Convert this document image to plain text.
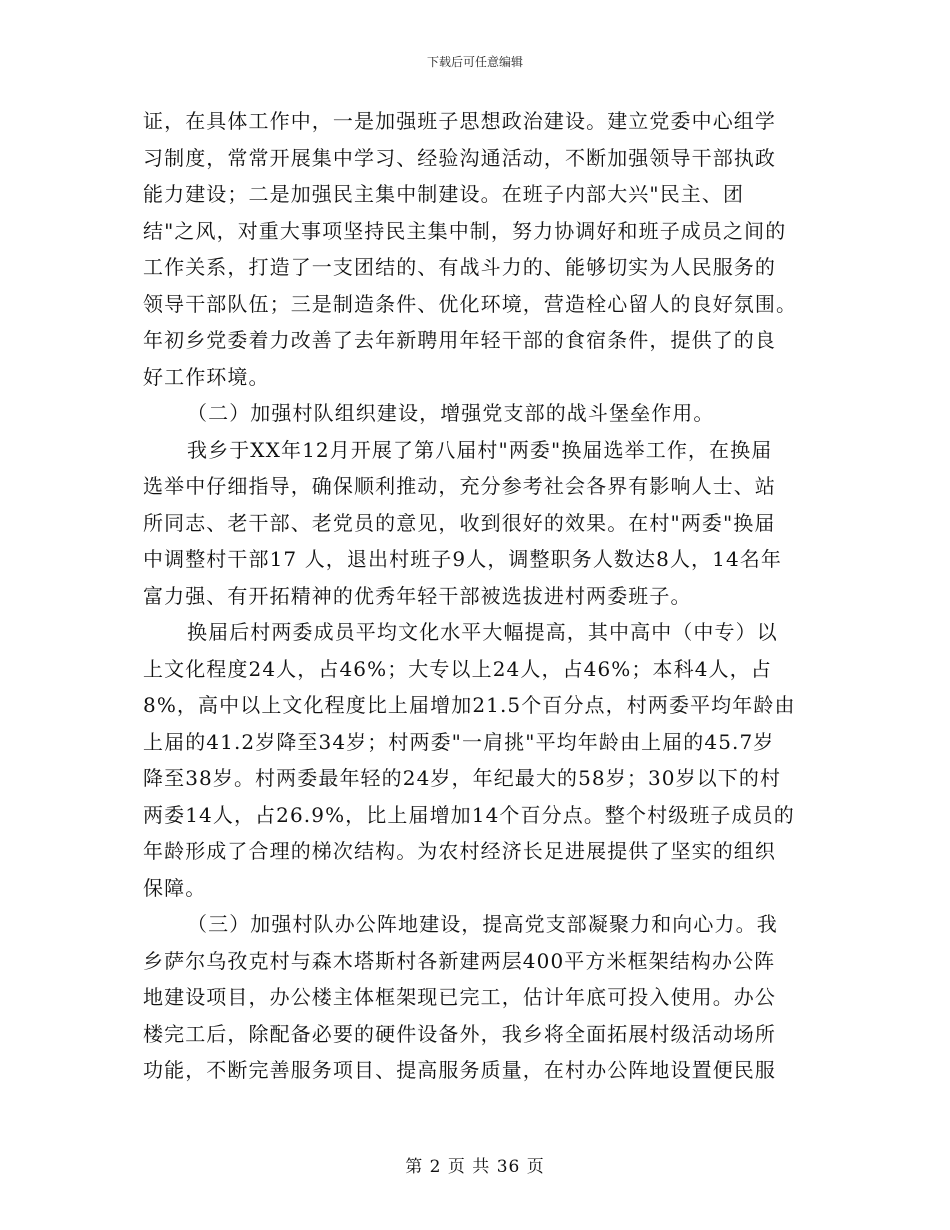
下载后可任意编辑
证，在具体工作中，一是加强班子思想政治建设。建立党委中心组学
习制度，常常开展集中学习、经验沟通活动，不断加强领导干部执政
能力建设；二是加强民主集中制建设。在班子内部大兴"民主、团
结"之风，对重大事项坚持民主集中制，努力协调好和班子成员之间的
工作关系，打造了一支团结的、有战斗力的、能够切实为人民服务的
领导干部队伍；三是制造条件、优化环境，营造栓心留人的良好氛围。
年初乡党委着力改善了去年新聘用年轻干部的食宿条件，提供了的良
好工作环境。
（二）加强村队组织建设，增强党支部的战斗堡垒作用。
我乡于XX年12月开展了第八届村"两委"换届选举工作，在换届
选举中仔细指导，确保顺利推动，充分参考社会各界有影响人士、站
所同志、老干部、老党员的意见，收到很好的效果。在村"两委"换届
中调整村干部17 人，退出村班子9人，调整职务人数达8人，14名年
富力强、有开拓精神的优秀年轻干部被选拔进村两委班子。
换届后村两委成员平均文化水平大幅提高，其中高中（中专）以
上文化程度24人，占46%；大专以上24人，占46%；本科4人，占
8%，高中以上文化程度比上届增加21.5个百分点，村两委平均年龄由
上届的41.2岁降至34岁；村两委"一肩挑"平均年龄由上届的45.7岁
降至38岁。村两委最年轻的24岁，年纪最大的58岁；30岁以下的村
两委14人，占26.9%，比上届增加14个百分点。整个村级班子成员的
年龄形成了合理的梯次结构。为农村经济长足进展提供了坚实的组织
保障。
（三）加强村队办公阵地建设，提高党支部凝聚力和向心力。我
乡萨尔乌孜克村与森木塔斯村各新建两层400平方米框架结构办公阵
地建设项目，办公楼主体框架现已完工，估计年底可投入使用。办公
楼完工后，除配备必要的硬件设备外，我乡将全面拓展村级活动场所
功能，不断完善服务项目、提高服务质量，在村办公阵地设置便民服
第 2 页 共 36 页
